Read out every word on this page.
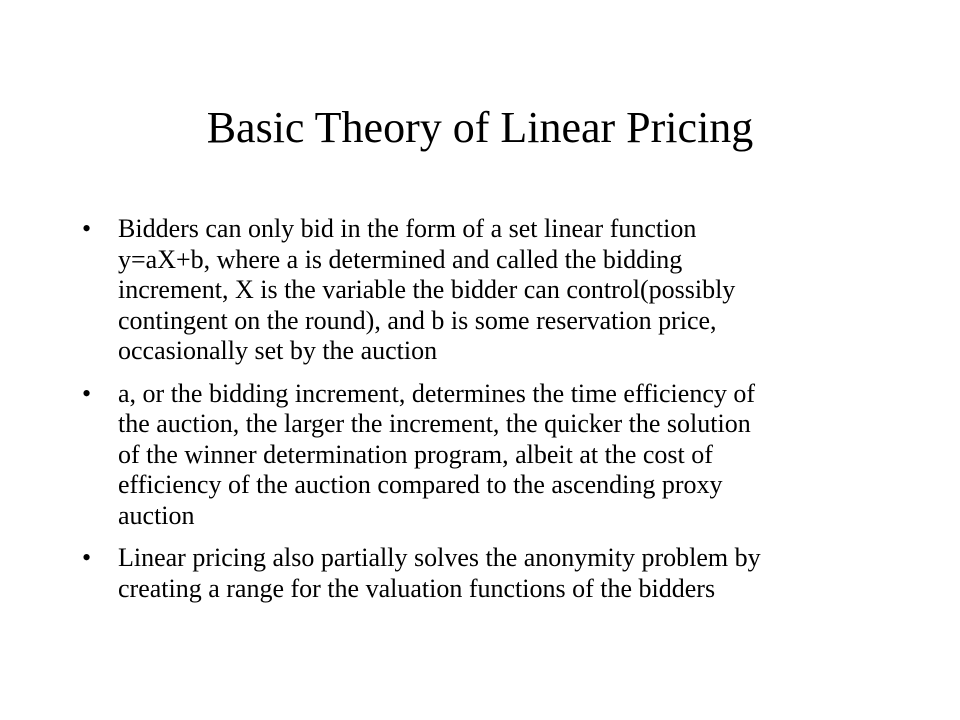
Basic Theory of Linear Pricing
• Bidders can only bid in the form of a set linear function
y=aX+b, where a is determined and called the bidding
increment, X is the variable the bidder can control(possibly
contingent on the round), and b is some reservation price,
occasionally set by the auction
• a, or the bidding increment, determines the time efficiency of
the auction, the larger the increment, the quicker the solution
of the winner determination program, albeit at the cost of
efficiency of the auction compared to the ascending proxy
auction
• Linear pricing also partially solves the anonymity problem by
creating a range for the valuation functions of the bidders
